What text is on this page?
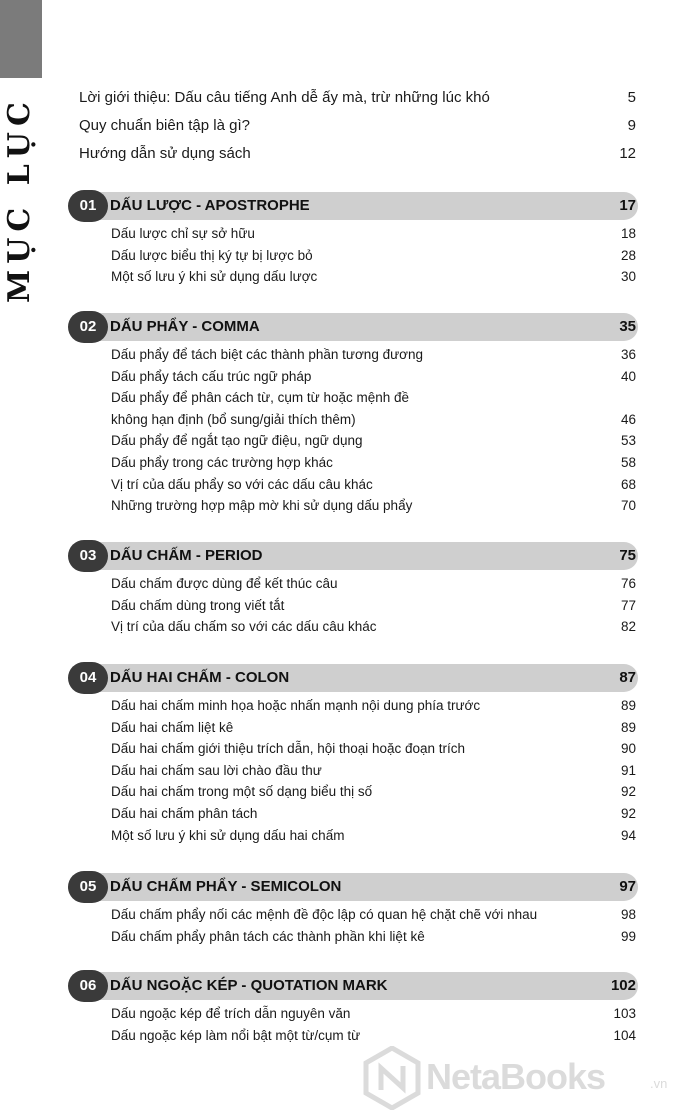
MỤC LỤC	Lời giới thiệu: Dấu câu tiếng Anh dễ ấy mà, trừ những lúc khó	5
Quy chuẩn biên tập là gì?	9
Hướng dẫn sử dụng sách	12
01 DẤU LƯỢC - APOSTROPHE	17
Dấu lược chỉ sự sở hữu	18
Dấu lược biểu thị ký tự bị lược bỏ	28
Một số lưu ý khi sử dụng dấu lược	30
02 DẤU PHẨY - COMMA	35
Dấu phẩy để tách biệt các thành phần tương đương	36
Dấu phẩy tách cấu trúc ngữ pháp	40
Dấu phẩy để phân cách từ, cụm từ hoặc mệnh đề
không hạn định (bổ sung/giải thích thêm)	46
Dấu phẩy để ngắt tạo ngữ điệu, ngữ dụng	53
Dấu phẩy trong các trường hợp khác	58
Vị trí của dấu phẩy so với các dấu câu khác	68
Những trường hợp mập mờ khi sử dụng dấu phẩy	70
03 DẤU CHẤM - PERIOD	75
Dấu chấm được dùng để kết thúc câu	76
Dấu chấm dùng trong viết tắt	77
Vị trí của dấu chấm so với các dấu câu khác	82
04 DẤU HAI CHẤM - COLON	87
Dấu hai chấm minh họa hoặc nhấn mạnh nội dung phía trước	89
Dấu hai chấm liệt kê	89
Dấu hai chấm giới thiệu trích dẫn, hội thoại hoặc đoạn trích	90
Dấu hai chấm sau lời chào đầu thư	91
Dấu hai chấm trong một số dạng biểu thị số	92
Dấu hai chấm phân tách	92
Một số lưu ý khi sử dụng dấu hai chấm	94
05 DẤU CHẤM PHẨY - SEMICOLON	97
Dấu chấm phẩy nối các mệnh đề độc lập có quan hệ chặt chẽ với nhau	98
Dấu chấm phẩy phân tách các thành phần khi liệt kê	99
06 DẤU NGOẶC KÉP - QUOTATION MARK	102
Dấu ngoặc kép để trích dẫn nguyên văn	103
Dấu ngoặc kép làm nổi bật một từ/cụm từ	104
NetaBooks	.vn
